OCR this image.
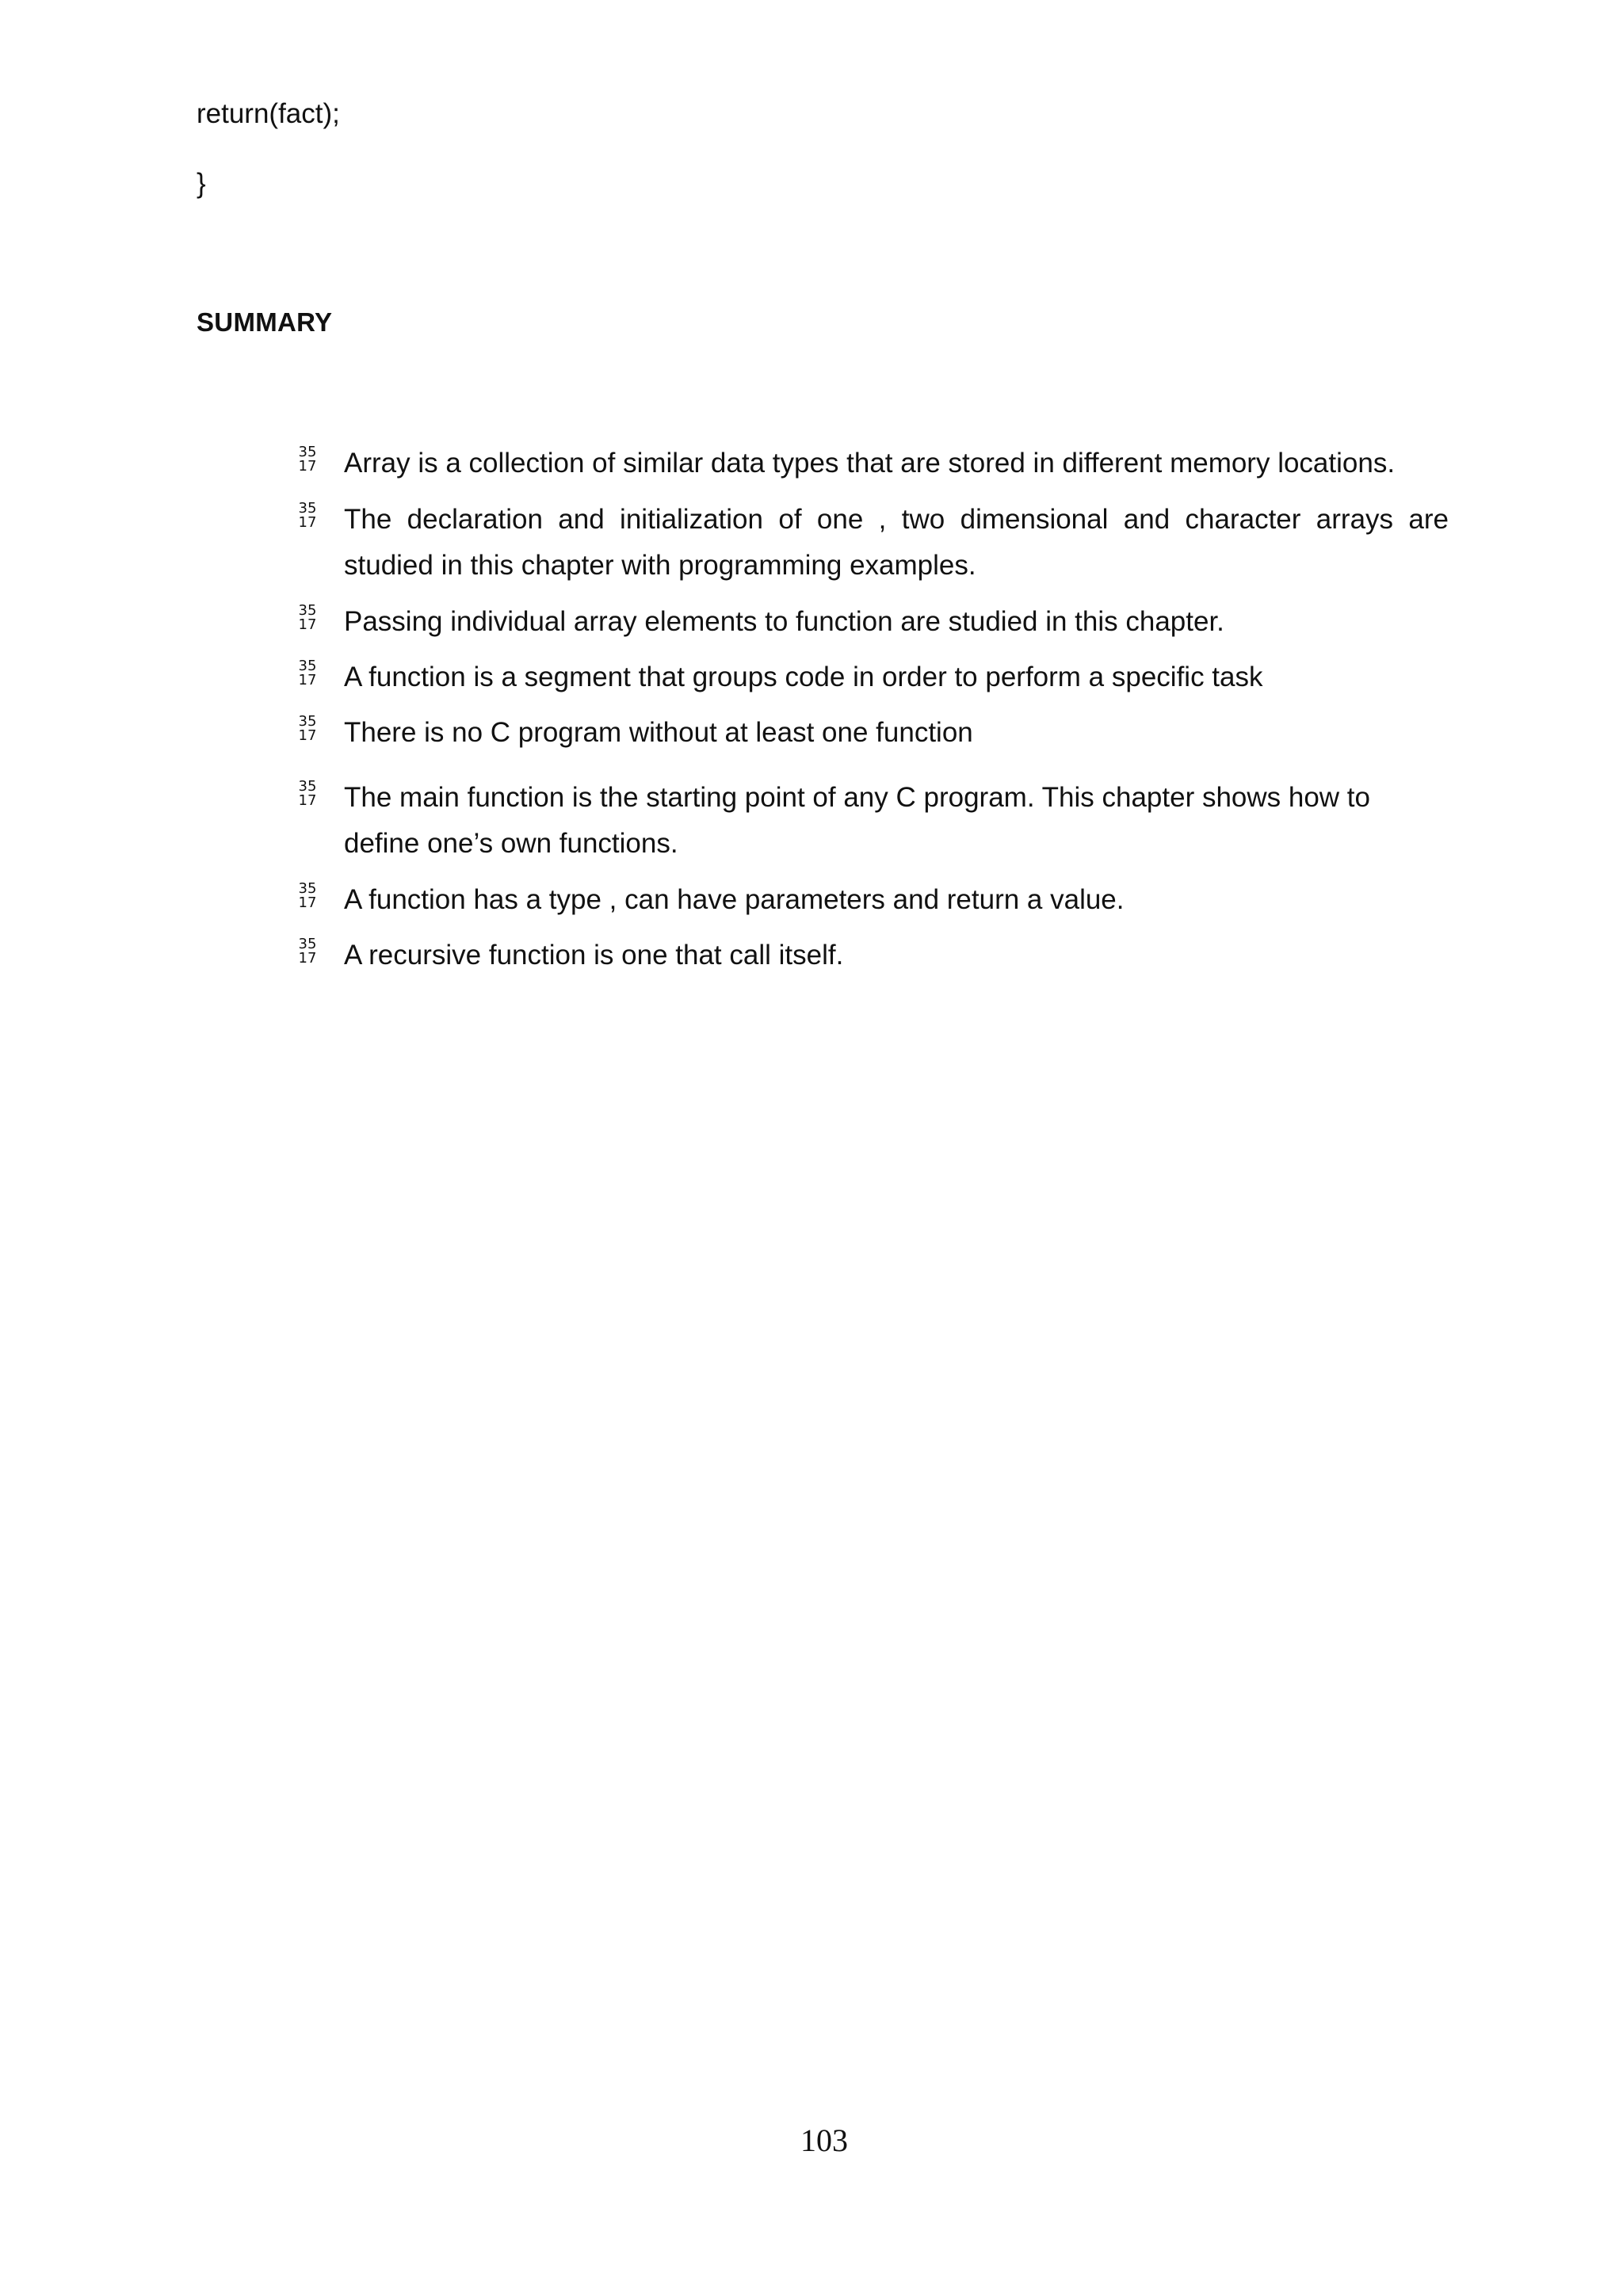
return(fact);
}
SUMMARY
35
17 Array is a collection of similar data types that are stored in different memory locations.
35
17 The declaration and initialization of one , two dimensional and character arrays are studied in this chapter with programming examples.
35
17 Passing individual array elements to function are studied in this chapter.
35
17 A function is a segment that groups code in order to perform a specific task
35
17 There is no C program without at least one function
35
17 The main function is the starting point of any C program. This chapter shows how to define one’s own functions.
35
17 A function has a type , can have parameters and return a value.
35
17 A recursive function is one that call itself.
103
